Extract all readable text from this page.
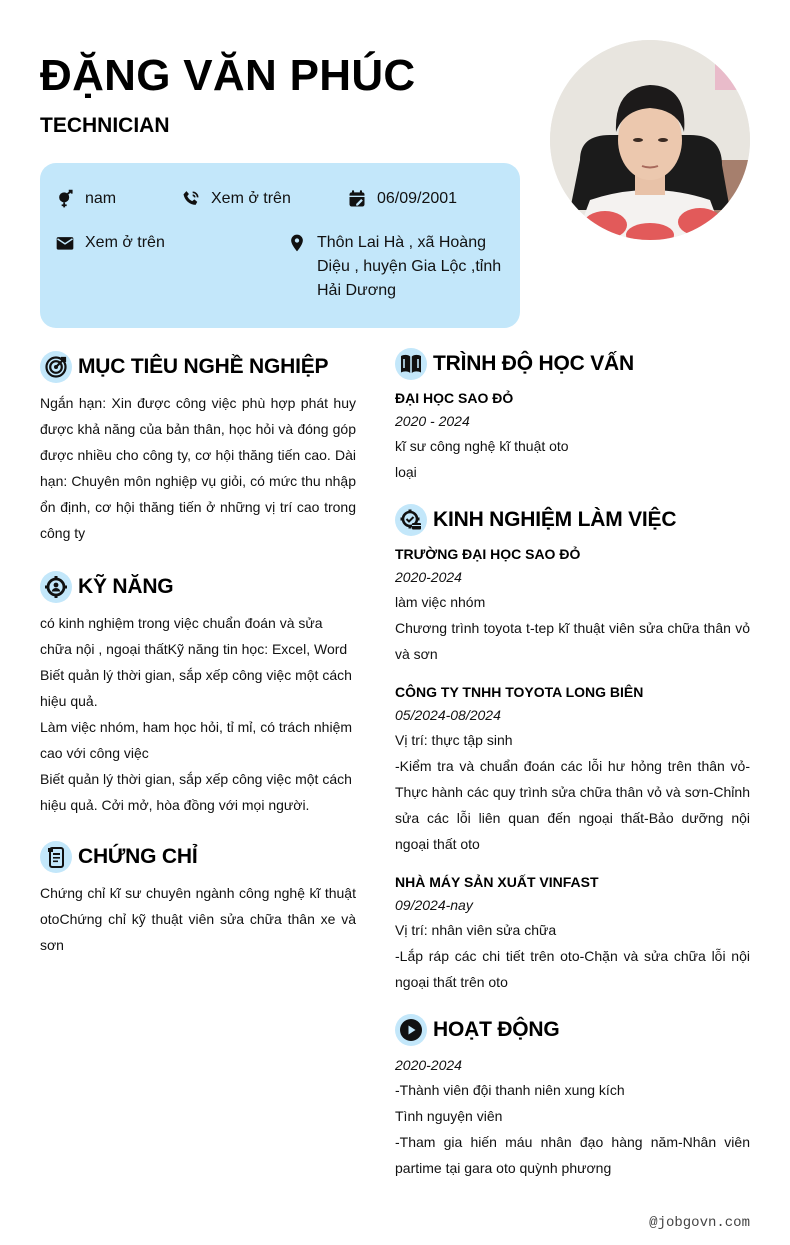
ĐẶNG VĂN PHÚC
TECHNICIAN
nam	Xem ở trên	06/09/2001
Xem ở trên	Thôn Lai Hà , xã Hoàng Diệu , huyện Gia Lộc ,tỉnh Hải Dương
MỤC TIÊU NGHỀ NGHIỆP
Ngắn hạn: Xin được công việc phù hợp phát huy được khả năng của bản thân, học hỏi và đóng góp được nhiều cho công ty, cơ hội thăng tiến cao. Dài hạn: Chuyên môn nghiệp vụ giỏi, có mức thu nhập ổn định, cơ hội thăng tiến ở những vị trí cao trong công ty
KỸ NĂNG
có kinh nghiệm trong việc chuẩn đoán và sửa chữa nội , ngoại thấtKỹ năng tin học: Excel, Word
Biết quản lý thời gian, sắp xếp công việc một cách hiệu quả.
Làm việc nhóm, ham học hỏi, tỉ mỉ, có trách nhiệm cao với công việc
Biết quản lý thời gian, sắp xếp công việc một cách hiệu quả. Cởi mở, hòa đồng với mọi người.
CHỨNG CHỈ
Chứng chỉ kĩ sư chuyên ngành công nghệ kĩ thuật otoChứng chỉ kỹ thuật viên sửa chữa thân xe và sơn
TRÌNH ĐỘ HỌC VẤN
ĐẠI HỌC SAO ĐỎ
2020 - 2024
kĩ sư công nghệ kĩ thuật oto
loại
KINH NGHIỆM LÀM VIỆC
TRƯỜNG ĐẠI HỌC SAO ĐỎ
2020-2024
làm việc nhóm
Chương trình toyota t-tep kĩ thuật viên sửa chữa thân vỏ và sơn
CÔNG TY TNHH TOYOTA LONG BIÊN
05/2024-08/2024
Vị trí: thực tập sinh
-Kiểm tra và chuẩn đoán các lỗi hư hỏng trên thân vỏ-Thực hành các quy trình sửa chữa thân vỏ và sơn-Chỉnh sửa các lỗi liên quan đến ngoại thất-Bảo dưỡng nội ngoại thất oto
NHÀ MÁY SẢN XUẤT VINFAST
09/2024-nay
Vị trí: nhân viên sửa chữa
-Lắp ráp các chi tiết trên oto-Chặn và sửa chữa lỗi nội ngoại thất trên oto
HOẠT ĐỘNG
2020-2024
-Thành viên đội thanh niên xung kích
Tình nguyện viên
-Tham gia hiến máu nhân đạo hàng năm-Nhân viên partime tại gara oto quỳnh phương
@jobgovn.com
